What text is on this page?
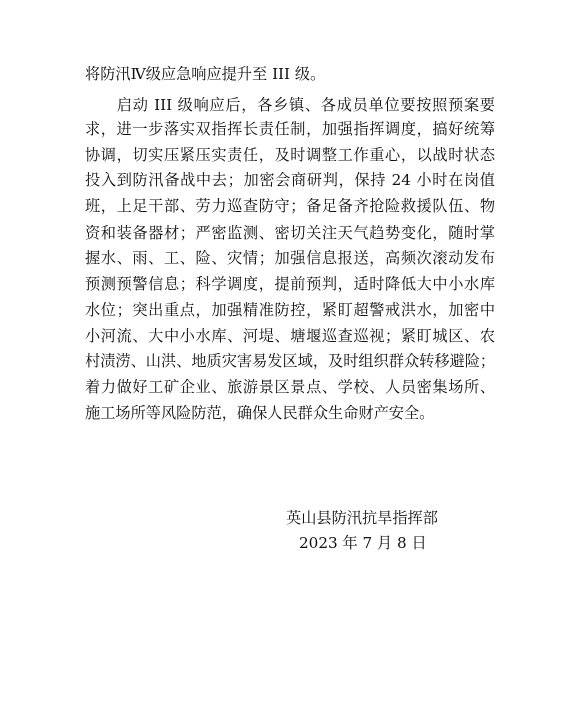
将防汛Ⅳ级应急响应提升至 III 级。
　　启动 III 级响应后，各乡镇、各成员单位要按照预案要
求，进一步落实双指挥长责任制，加强指挥调度，搞好统筹
协调，切实压紧压实责任，及时调整工作重心，以战时状态
投入到防汛备战中去；加密会商研判，保持 24 小时在岗值
班，上足干部、劳力巡查防守；备足备齐抢险救援队伍、物
资和装备器材；严密监测、密切关注天气趋势变化，随时掌
握水、雨、工、险、灾情；加强信息报送，高频次滚动发布
预测预警信息；科学调度，提前预判，适时降低大中小水库
水位；突出重点，加强精准防控，紧盯超警戒洪水，加密中
小河流、大中小水库、河堤、塘堰巡查巡视；紧盯城区、农
村渍涝、山洪、地质灾害易发区域，及时组织群众转移避险；
着力做好工矿企业、旅游景区景点、学校、人员密集场所、
施工场所等风险防范，确保人民群众生命财产安全。
英山县防汛抗旱指挥部
2023 年 7 月 8 日
